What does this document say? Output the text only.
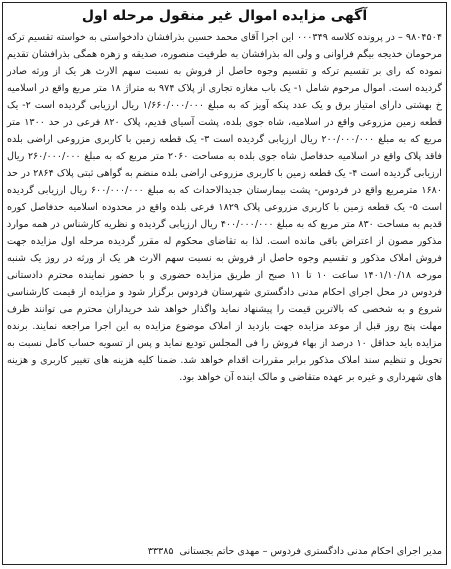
آگهی مزایده اموال غیر منقول مرحله اول

۹۸۰۴۵۰۴ – در پرونده کلاسه ۰۰۰۳۴۹ این اجرا آقای محمد حسین بذرافشان دادخواستی به خواسته تقسیم ترکه مرحومان خدیجه بیگم فراوانی و ولی اله بذرافشان به طرفیت منصوره، صدیقه و زهره همگی بذرافشان تقدیم نموده که رای بر تقسیم ترکه و تقسیم وجوه حاصل از فروش به نسبت سهم الارث هر یک از ورثه صادر گردیده است. اموال مرحوم شامل ۱- یک باب مغازه تجاری از پلاک ۹۷۴ به متراژ ۱۸ متر مربع واقع در اسلامیه خ بهشتی دارای امتیاز برق و یک عدد پنکه آویز که به مبلغ ۱/۶۶۰/۰۰۰/۰۰۰ ریال ارزیابی گردیده است ۲- یک قطعه زمین مزروعی واقع در اسلامیه، شاه جوی بلده، پشت آسیای قدیم، پلاک ۸۲۰ فرعی در حد ۱۳۰۰ متر مربع که به مبلغ ۲۰۰/۰۰۰/۰۰۰ ریال ارزیابی گردیده است ۳- یک قطعه زمین با کاربری مزروعی اراضی بلده فاقد پلاک واقع در اسلامیه حدفاصل شاه جوی بلده به مساحت ۲۰۶۰ متر مربع که به مبلغ ۲۶۰/۰۰۰/۰۰۰ ریال ارزیابی گردیده است ۴- یک قطعه زمین با کاربری مزروعی اراضی بلده منضم به گواهی ثبتی پلاک ۲۸۶۴ در حد ۱۶۸۰ مترمربع واقع در فردوس- پشت بیمارستان جدیدالاحداث که به مبلغ ۶۰۰/۰۰۰/۰۰۰ ریال ارزیابی گردیده است ۵- یک قطعه زمین با کاربری مزروعی پلاک ۱۸۲۹ فرعی بلده واقع در محدوده اسلامیه حدفاصل کوره قدیم به مساحت ۸۳۰ متر مربع که به مبلغ ۴۰۰/۰۰۰/۰۰۰ ریال ارزیابی گردیده و نظریه کارشناس در همه موارد مذکور مصون از اعتراض باقی مانده است. لذا به تقاضای محکوم له مقرر گردیده مرحله اول مزایده جهت فروش املاک مذکور و تقسیم وجوه حاصل از فروش به نسبت سهم الارث هر یک از ورثه در روز یک شنبه مورخه ۱۴۰۱/۱۰/۱۸ ساعت ۱۰ تا ۱۱ صبح از طریق مزایده حضوری و با حضور نماینده محترم دادستانی فردوس در محل اجرای احکام مدنی دادگستری شهرستان فردوس برگزار شود و مزایده از قیمت کارشناسی شروع و به شخصی که بالاترین قیمت را پیشنهاد نماید واگذار خواهد شد خریداران محترم می توانند ظرف مهلت پنج روز قبل از موعد مزایده جهت بازدید از املاک موضوع مزایده به این اجرا مراجعه نمایند. برنده مزایده باید حداقل ۱۰ درصد از بهاء فروش را فی المجلس تودیع نماید و پس از تسویه حساب کامل نسبت به تحویل و تنظیم سند املاک مذکور برابر مقررات اقدام خواهد شد. ضمنا کلیه هزینه های تغییر کاربری و هزینه های شهرداری و غیره بر عهده متقاضی و مالک اینده آن خواهد بود.

مدیر اجرای احکام مدنی دادگستری فردوس – مهدی حاتم بجستانی۳۳۳۸۵
